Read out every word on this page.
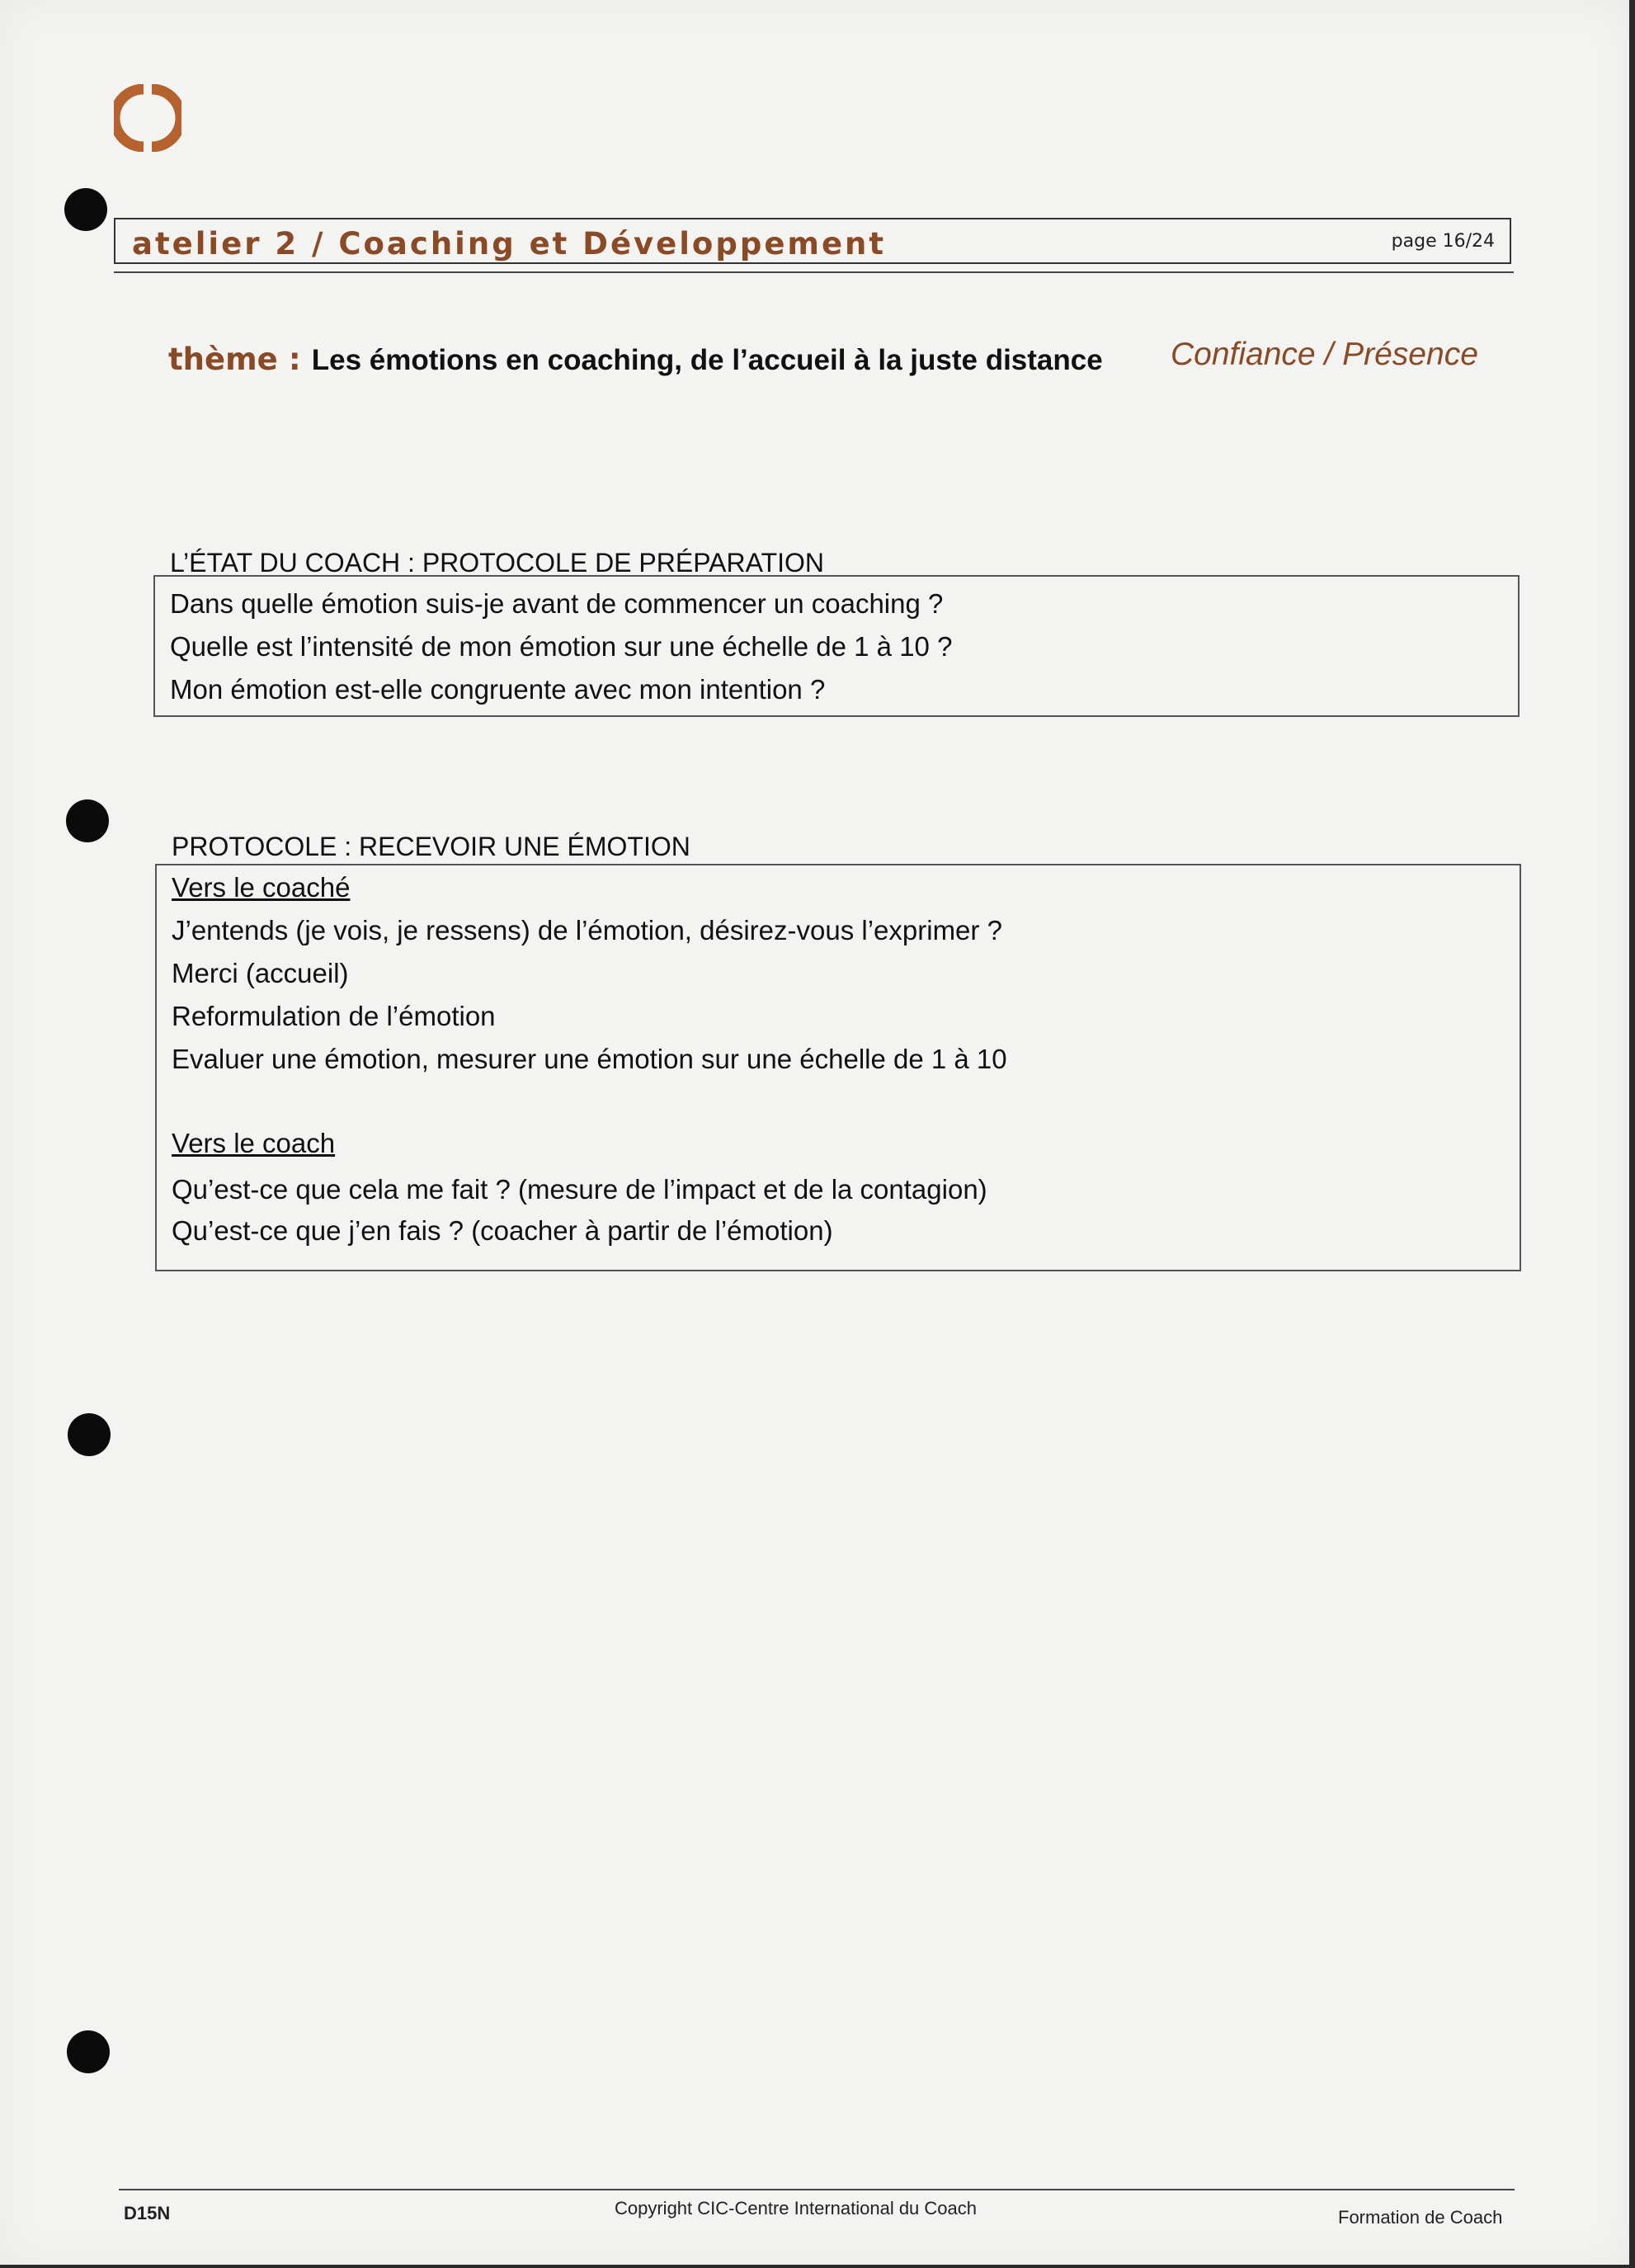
atelier 2 / Coaching et Développement	page 16/24
thème : Les émotions en coaching, de l’accueil à la juste distance Confiance / Présence
L’ÉTAT DU COACH : PROTOCOLE DE PRÉPARATION
Dans quelle émotion suis-je avant de commencer un coaching ?
Quelle est l’intensité de mon émotion sur une échelle de 1 à 10 ?
Mon émotion est-elle congruente avec mon intention ?
PROTOCOLE : RECEVOIR UNE ÉMOTION
Vers le coaché
J’entends (je vois, je ressens) de l’émotion, désirez-vous l’exprimer ?
Merci (accueil)
Reformulation de l’émotion
Evaluer une émotion, mesurer une émotion sur une échelle de 1 à 10
Vers le coach
Qu’est-ce que cela me fait ? (mesure de l’impact et de la contagion)
Qu’est-ce que j’en fais ? (coacher à partir de l’émotion)
D15N	Copyright CIC-Centre International du Coach	Formation de Coach
